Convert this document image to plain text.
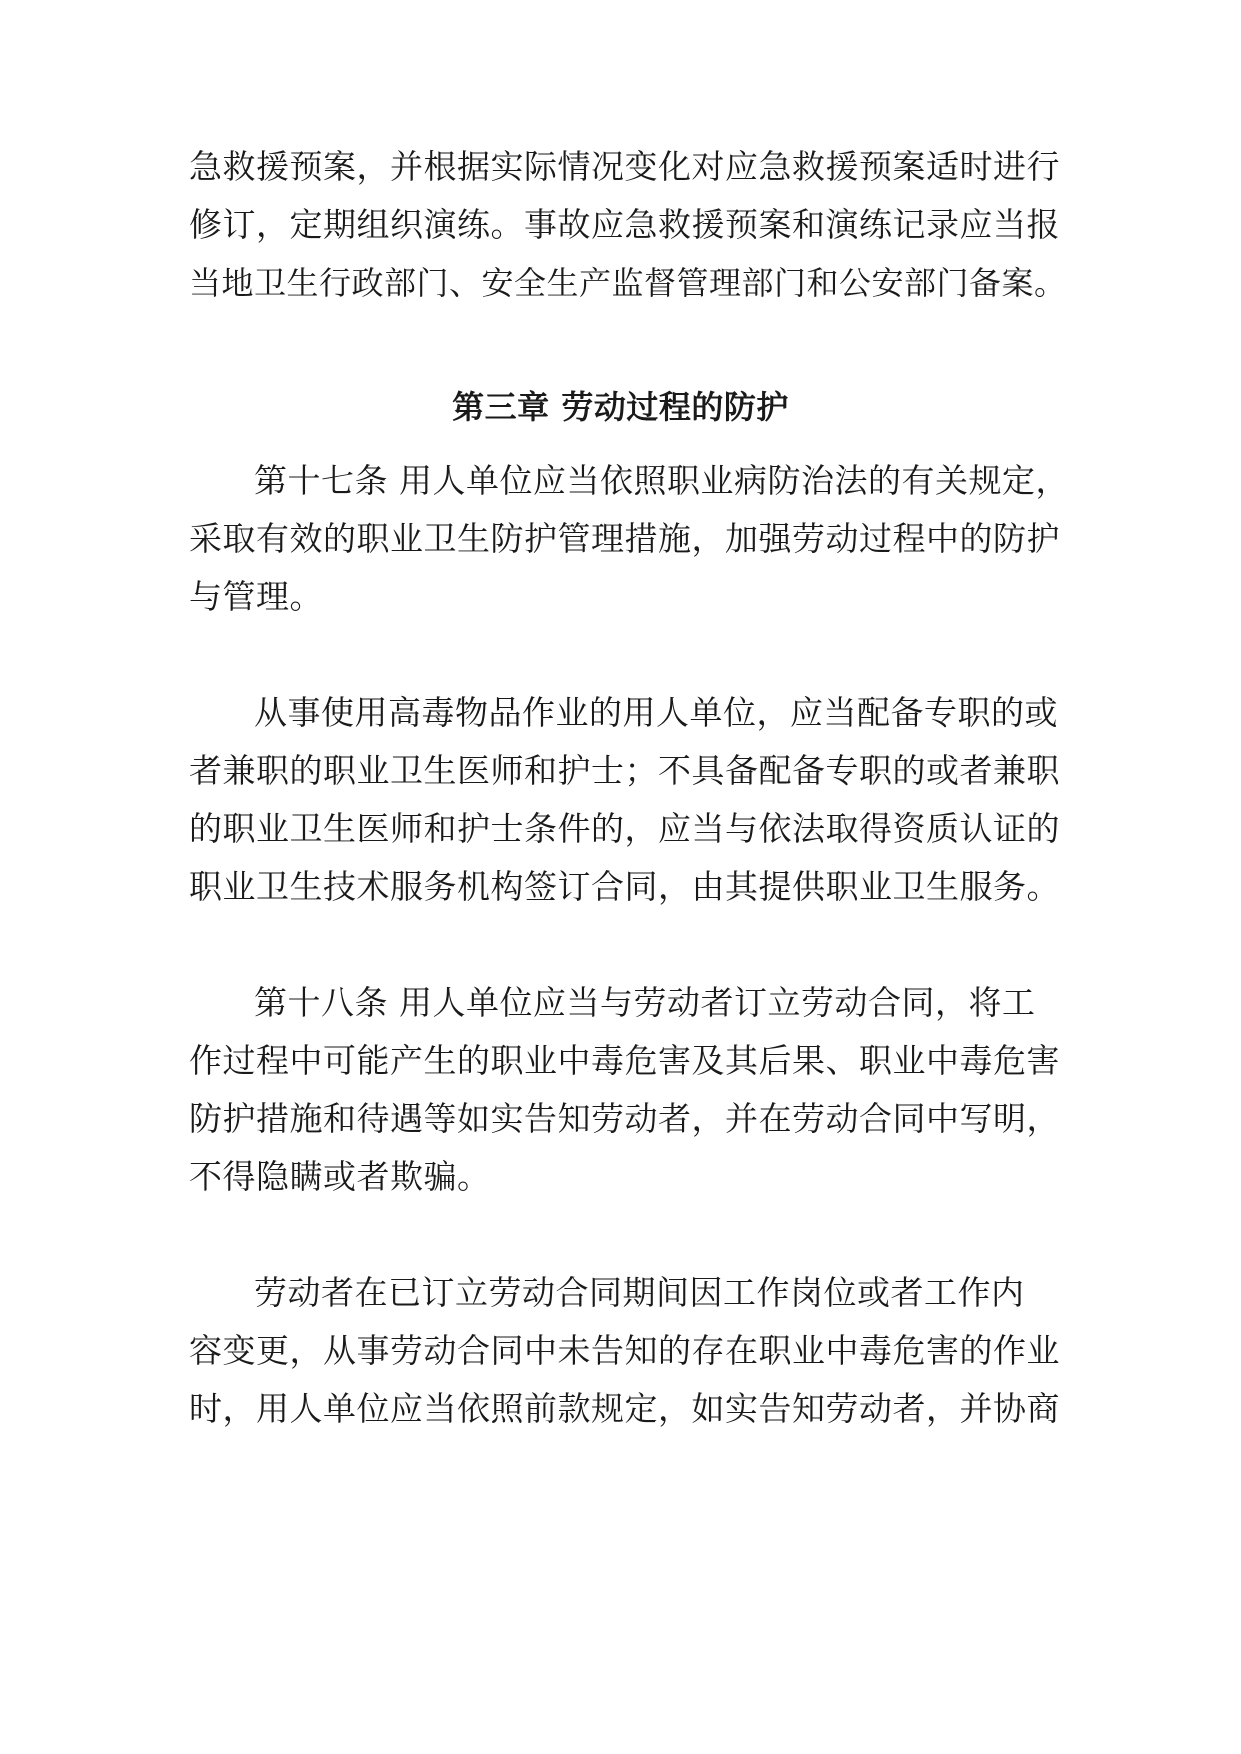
急救援预案，并根据实际情况变化对应急救援预案适时进行
修订，定期组织演练。事故应急救援预案和演练记录应当报
当地卫生行政部门、安全生产监督管理部门和公安部门备案。
第三章 劳动过程的防护
第十七条 用人单位应当依照职业病防治法的有关规定，
采取有效的职业卫生防护管理措施，加强劳动过程中的防护
与管理。
从事使用高毒物品作业的用人单位，应当配备专职的或
者兼职的职业卫生医师和护士；不具备配备专职的或者兼职
的职业卫生医师和护士条件的，应当与依法取得资质认证的
职业卫生技术服务机构签订合同，由其提供职业卫生服务。
第十八条 用人单位应当与劳动者订立劳动合同，将工
作过程中可能产生的职业中毒危害及其后果、职业中毒危害
防护措施和待遇等如实告知劳动者，并在劳动合同中写明，
不得隐瞒或者欺骗。
劳动者在已订立劳动合同期间因工作岗位或者工作内
容变更，从事劳动合同中未告知的存在职业中毒危害的作业
时，用人单位应当依照前款规定，如实告知劳动者，并协商
